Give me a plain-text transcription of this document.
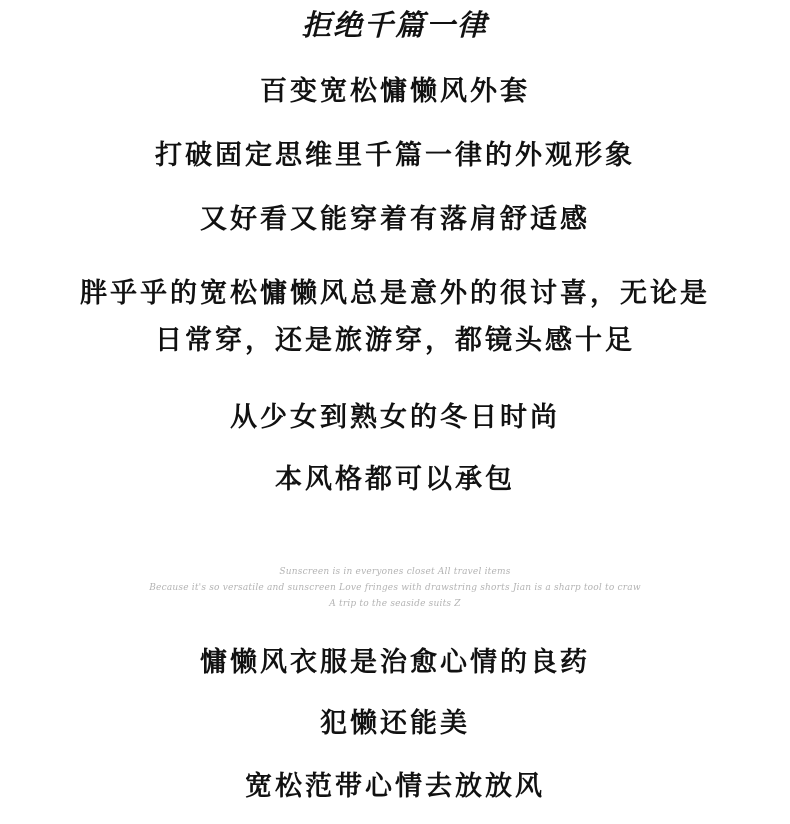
拒绝千篇一律
百变宽松慵懒风外套
打破固定思维里千篇一律的外观形象
又好看又能穿着有落肩舒适感
胖乎乎的宽松慵懒风总是意外的很讨喜，无论是
日常穿，还是旅游穿，都镜头感十足
从少女到熟女的冬日时尚
本风格都可以承包
Sunscreen is in everyones closet All travel items
Because it's so versatile and sunscreen Love fringes with drawstring shorts Jian is a sharp tool to craw
A trip to the seaside suits Z
慵懒风衣服是治愈心情的良药
犯懒还能美
宽松范带心情去放放风
